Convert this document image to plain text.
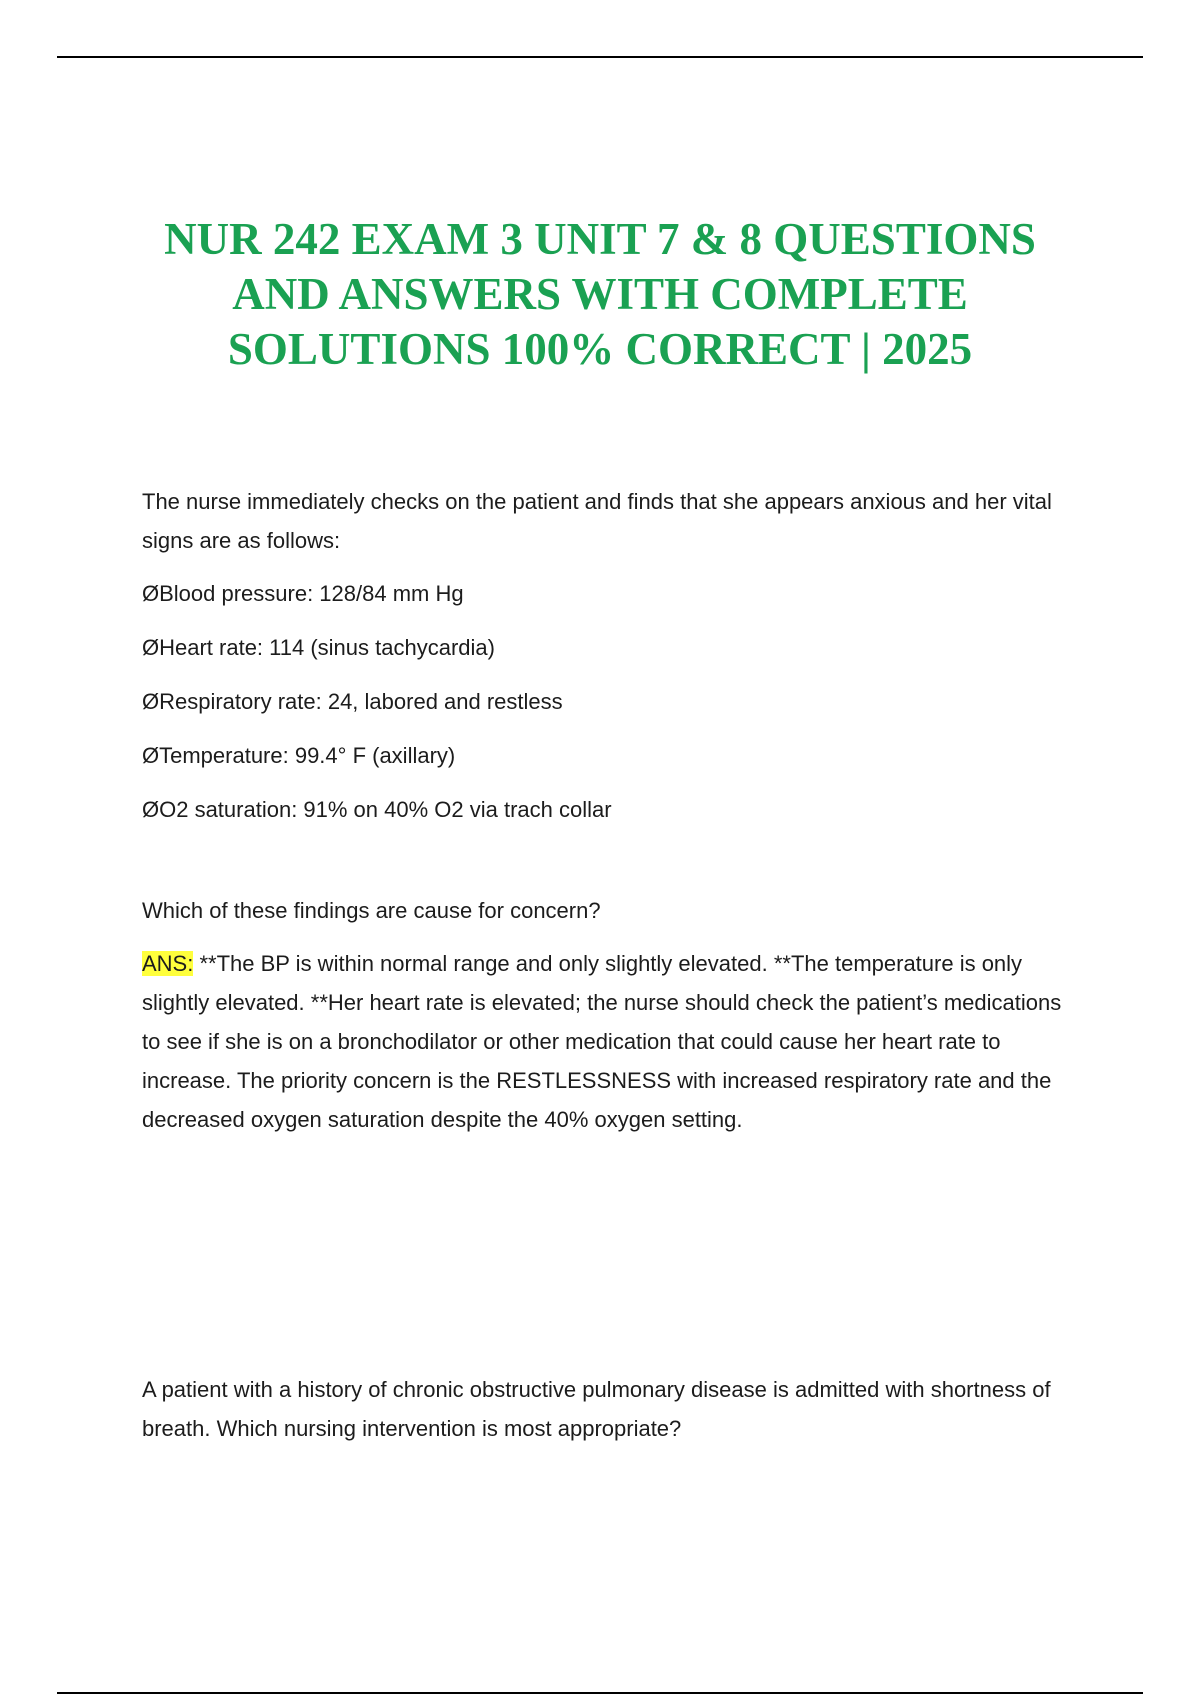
NUR 242 EXAM 3 UNIT 7 & 8 QUESTIONS
AND ANSWERS WITH COMPLETE
SOLUTIONS 100% CORRECT | 2025

The nurse immediately checks on the patient and finds that she appears anxious and her vital signs are as follows:

ØBlood pressure: 128/84 mm Hg

ØHeart rate: 114 (sinus tachycardia)

ØRespiratory rate: 24, labored and restless

ØTemperature: 99.4° F (axillary)

ØO2 saturation: 91% on 40% O2 via trach collar

Which of these findings are cause for concern?

ANS: **The BP is within normal range and only slightly elevated. **The temperature is only slightly elevated. **Her heart rate is elevated; the nurse should check the patient’s medications to see if she is on a bronchodilator or other medication that could cause her heart rate to increase. The priority concern is the RESTLESSNESS with increased respiratory rate and the decreased oxygen saturation despite the 40% oxygen setting.

A patient with a history of chronic obstructive pulmonary disease is admitted with shortness of breath. Which nursing intervention is most appropriate?
